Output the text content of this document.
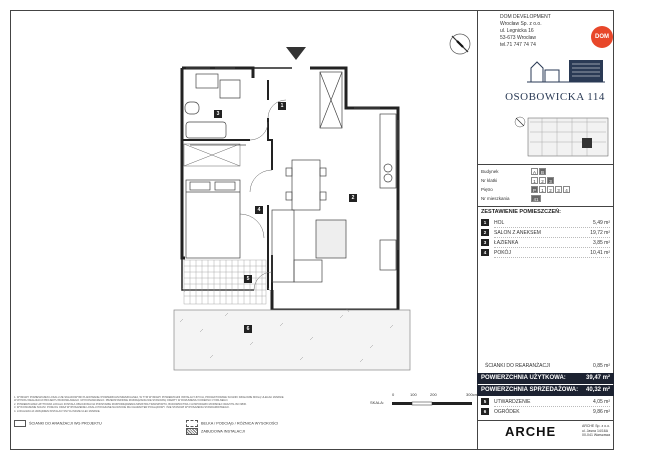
1
2
3
4
5
6
DOM DEVELOPMENT
Wrocław Sp. z o.o.
ul. Legnicka 16
53-673 Wrocław
tel.71 747 74 74
DOM
OSOBOWICKA 114
Budynek	A	B
Nr klatki	1	2	3
Piętro	P	1	2	3	4
Nr mieszkania	41
ZESTAWIENIE POMIESZCZEŃ:
1	HOL	5,49 m²
2	SALON Z ANEKSEM	19,72 m²
3	ŁAZIENKA	3,85 m²
4	POKÓJ	10,41 m²
ŚCIANKI DO REARANŻACJI	0,85 m²
POWIERZCHNIA UŻYTKOWA:	39,47 m²
POWIERZCHNIA SPRZEDAŻOWA: 40,32 m²
5	UTWARDZENIE	4,05 m²
6	OGRÓDEK	9,86 m²
1. WYMIARY POMIESZCZEŃ LOKALU ZE SKŁADOWYMI PLANOWANEJ POWIERZCHNI MIESZKALNEJ, W TYM WYMIARY POWIERZCHNI INSTALACYJNYCH, PROJEKTOWANE ŚCIANKI DZIAŁOWE MOGĄ ULEGAĆ ZMIANIE
W WYNIKU REALIZACJI PROJEKTU BUDOWLANEGO I WYKONAWCZEGO. PRZEDSTAWIONE ROZWIĄZANIA NIE STANOWIĄ OFERTY W ROZUMIENIU KODEKSU CYWILNEGO.
2. POWIERZCHNIA UŻYTKOWA LOKALU ZOSTAŁA OBLICZONA NA PODSTAWIE ROZPORZĄDZENIA MINISTRA TRANSPORTU, BUDOWNICTWA I GOSPODARKI MORSKIEJ ORAZ PN-ISO 9836.
3. WYKOŃCZENIE ŚCIAN I PODŁÓG ORAZ WYPOSAŻENIE LOKALU POKAZANE NA RZUCIE MA CHARAKTER POGLĄDOWY I NIE STANOWI WYPOSAŻENIA STANDARDOWEGO.
4. LOKALIZACJA URZĄDZEŃ INSTALACYJNYCH MOŻE ULEC ZMIANIE.
ŚCIANKI DO ARANŻACJI WG PROJEKTU	BELKA / PODCIĄG / RÓŻNICA WYSOKOŚCI
ZABUDOWA INSTALACJI
SKALA:
0	100	200	300cm
ARCHE	ARCHE Sp. z o.o.
ul. Jasna 14/16A
00-041 Warszawa
